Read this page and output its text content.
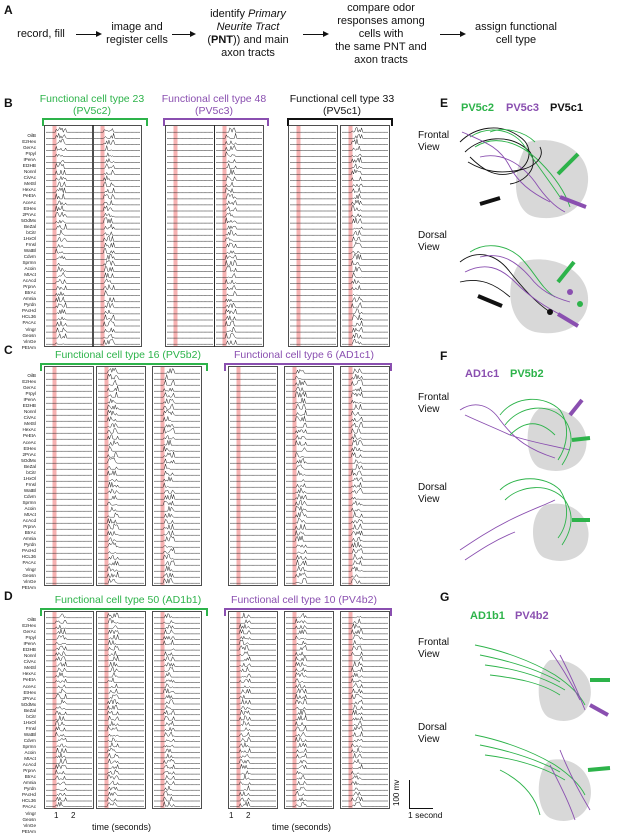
A
record, fill
image and
register cells
identify Primary
Neurite Tract
(PNT)) and main
axon tracts
compare odor
responses among
cells with
the same PNT and
axon tracts
assign functional
cell type
B	Functional cell type 23
(PV5c2)
Functional cell type 48
(PV5c3)
Functional cell type 33
(PV5c1)
OilB
E2Hex
GerAc
Prpyl
IPenA
Et3HB
Nonnl
CiVAc
MetSl
HexAc
PeEtA
AceAc
EtHex
2PnAc
5OdMx
BeZal
bCitr
1HxOl
Frnsl
WatBl
Cdvrn
Sprmn
Acoin
MtAct
AcAcd
PrpnA
BtrAc
Amnia
Pyrdn
PAcHd
HCL36
PAcAc
Vingr
Geosn
VinGe
PEtAm
OilB
E2Hex
GerAc
Prpyl
IPenA
Et3HB
Nonnl
CiVAc
MetSl
HexAc
PeEtA
AceAc
EtHex
2PnAc
5OdMx
BeZal
bCitr
1HxOl
Frnsl
WatBl
Cdvrn
Sprmn
Acoin
MtAct
AcAcd
PrpnA
BtrAc
Amnia
Pyrdn
PAcHd
HCL36
PAcAc
Vingr
Geosn
VinGe
PEtAm
OilB
E2Hex
GerAc
Prpyl
IPenA
Et3HB
Nonnl
CiVAc
MetSl
HexAc
PeEtA
AceAc
EtHex
2PnAc
5OdMx
BeZal
bCitr
1HxOl
Frnsl
WatBl
Cdvrn
Sprmn
Acoin
MtAct
AcAcd
PrpnA
BtrAc
Amnia
Pyrdn
PAcHd
HCL36
PAcAc
Vingr
Geosn
VinGe
PEtAm
C	Functional cell type 16 (PV5b2)	Functional cell type 6 (AD1c1)
D	Functional cell type 50 (AD1b1)	Functional cell type 10 (PV4b2)
1 2	1 2
time (seconds)	time (seconds)
100 mv
1 second
E PV5c2 PV5c3 PV5c1
Frontal View
Dorsal View
F
AD1c1 PV5b2
Frontal View
Dorsal View
G
AD1b1 PV4b2
Frontal View
Dorsal View
